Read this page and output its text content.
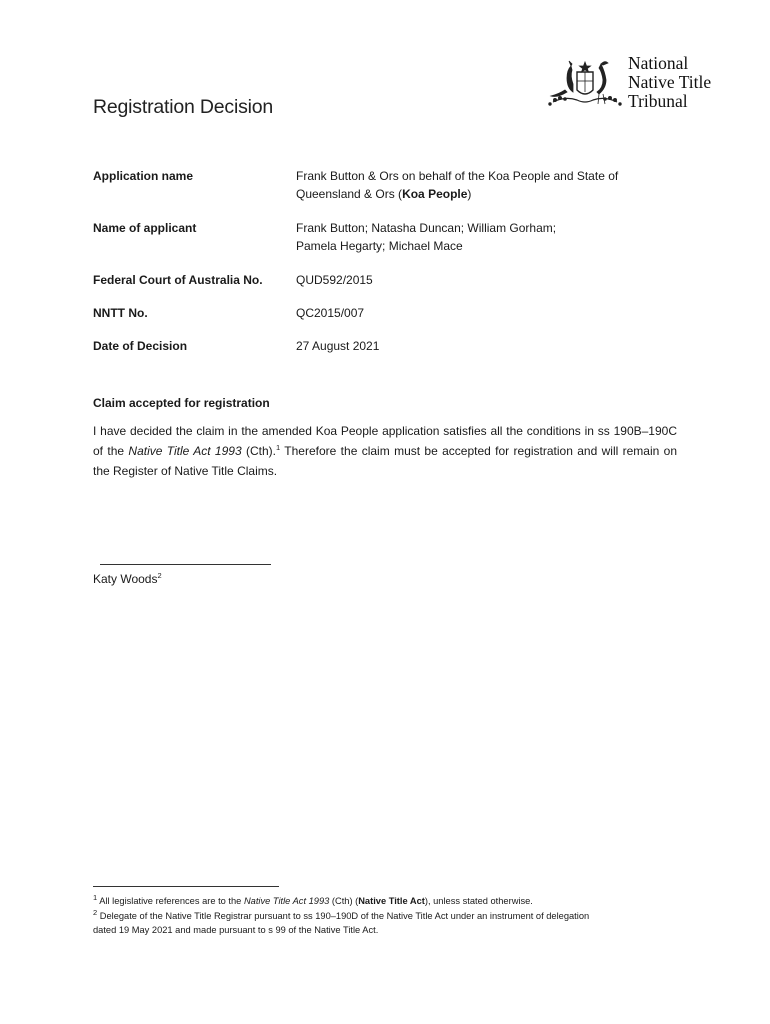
National
Native Title
Tribunal
Registration Decision
Application name	Frank Button & Ors on behalf of the Koa People and State of
Queensland & Ors (Koa People)
Name of applicant	Frank Button; Natasha Duncan; William Gorham;
Pamela Hegarty; Michael Mace
Federal Court of Australia No.	QUD592/2015
NNTT No.	QC2015/007
Date of Decision	27 August 2021
Claim accepted for registration
I have decided the claim in the amended Koa People application satisfies all the conditions in ss 190B–190C of the Native Title Act 1993 (Cth).$^1$ Therefore the claim must be accepted for registration and will remain on the Register of Native Title Claims.
Katy Woods$^2$
$^1$ All legislative references are to the Native Title Act 1993 (Cth) (Native Title Act), unless stated otherwise.
$^2$ Delegate of the Native Title Registrar pursuant to ss 190–190D of the Native Title Act under an instrument of delegation
dated 19 May 2021 and made pursuant to s 99 of the Native Title Act.
